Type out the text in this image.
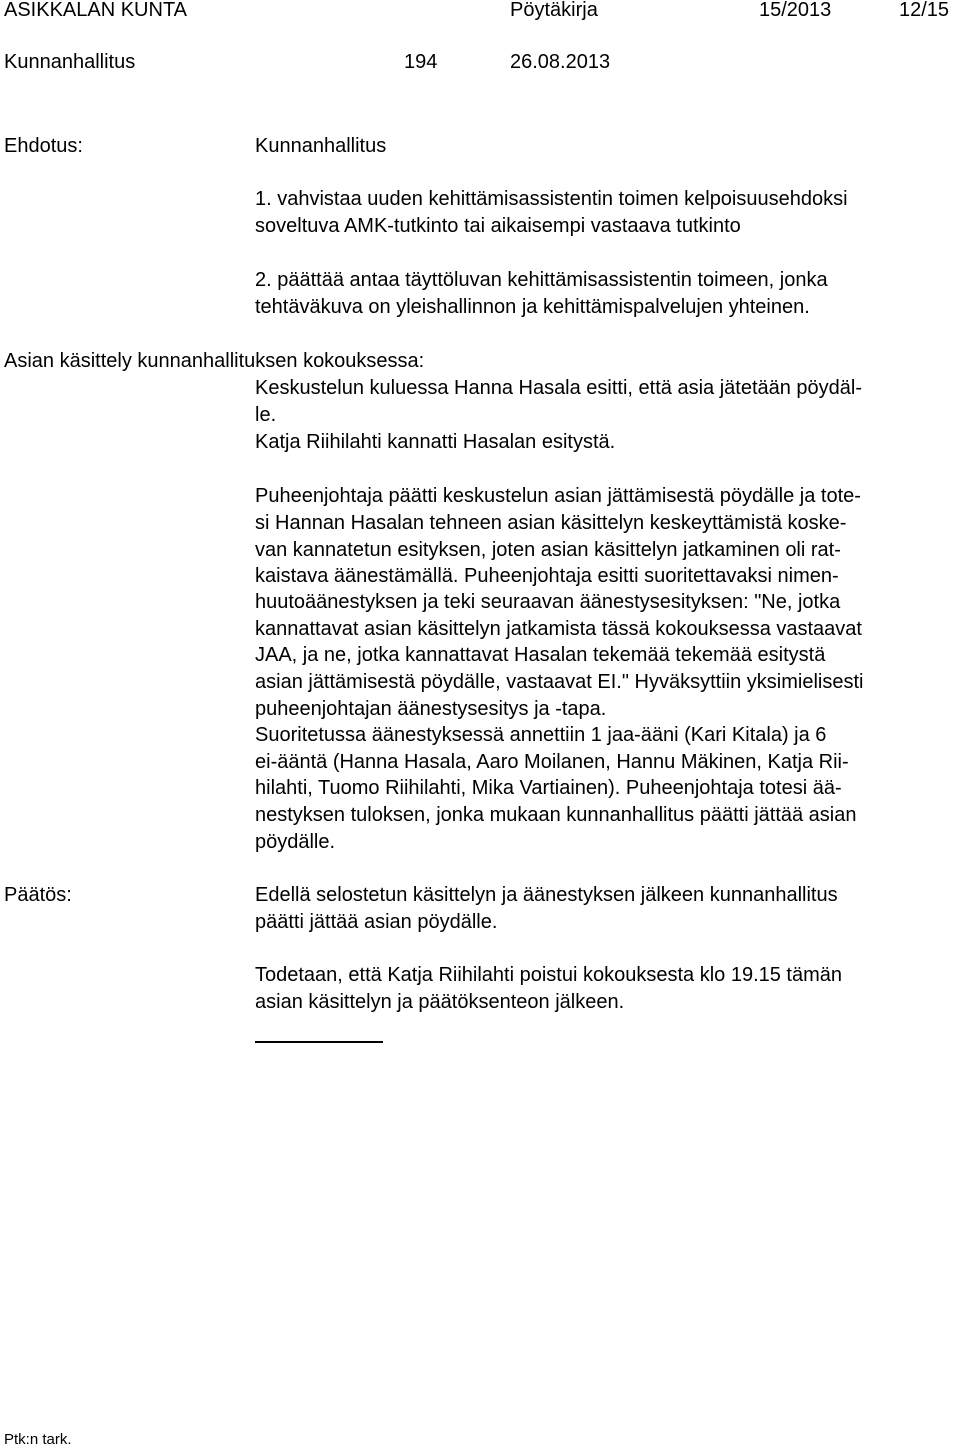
ASIKKALAN KUNTA	Pöytäkirja	15/2013	12/15
Kunnanhallitus	194	26.08.2013
Ehdotus:	Kunnanhallitus
1. vahvistaa uuden kehittämisassistentin toimen kelpoisuusehdoksi
soveltuva AMK-tutkinto tai aikaisempi vastaava tutkinto
2. päättää antaa täyttöluvan kehittämisassistentin toimeen, jonka
tehtäväkuva on yleishallinnon ja kehittämispalvelujen yhteinen.
Asian käsittely kunnanhallituksen kokouksessa:
Keskustelun kuluessa Hanna Hasala esitti, että asia jätetään pöydäl-
le.
Katja Riihilahti kannatti Hasalan esitystä.
Puheenjohtaja päätti keskustelun asian jättämisestä pöydälle ja tote-
si Hannan Hasalan tehneen asian käsittelyn keskeyttämistä koske-
van kannatetun esityksen, joten asian käsittelyn jatkaminen oli rat-
kaistava äänestämällä. Puheenjohtaja esitti suoritettavaksi nimen-
huutoäänestyksen ja teki seuraavan äänestysesityksen: "Ne, jotka
kannattavat asian käsittelyn jatkamista tässä kokouksessa vastaavat
JAA, ja ne, jotka kannattavat Hasalan tekemää tekemää esitystä
asian jättämisestä pöydälle, vastaavat EI." Hyväksyttiin yksimielisesti
puheenjohtajan äänestysesitys ja -tapa.
Suoritetussa äänestyksessä annettiin 1 jaa-ääni (Kari Kitala) ja 6
ei-ääntä (Hanna Hasala, Aaro Moilanen, Hannu Mäkinen, Katja Rii-
hilahti, Tuomo Riihilahti, Mika Vartiainen). Puheenjohtaja totesi ää-
nestyksen tuloksen, jonka mukaan kunnanhallitus päätti jättää asian
pöydälle.
Päätös:	Edellä selostetun käsittelyn ja äänestyksen jälkeen kunnanhallitus
päätti jättää asian pöydälle.
Todetaan, että Katja Riihilahti poistui kokouksesta klo 19.15 tämän
asian käsittelyn ja päätöksenteon jälkeen.
Ptk:n tark.
